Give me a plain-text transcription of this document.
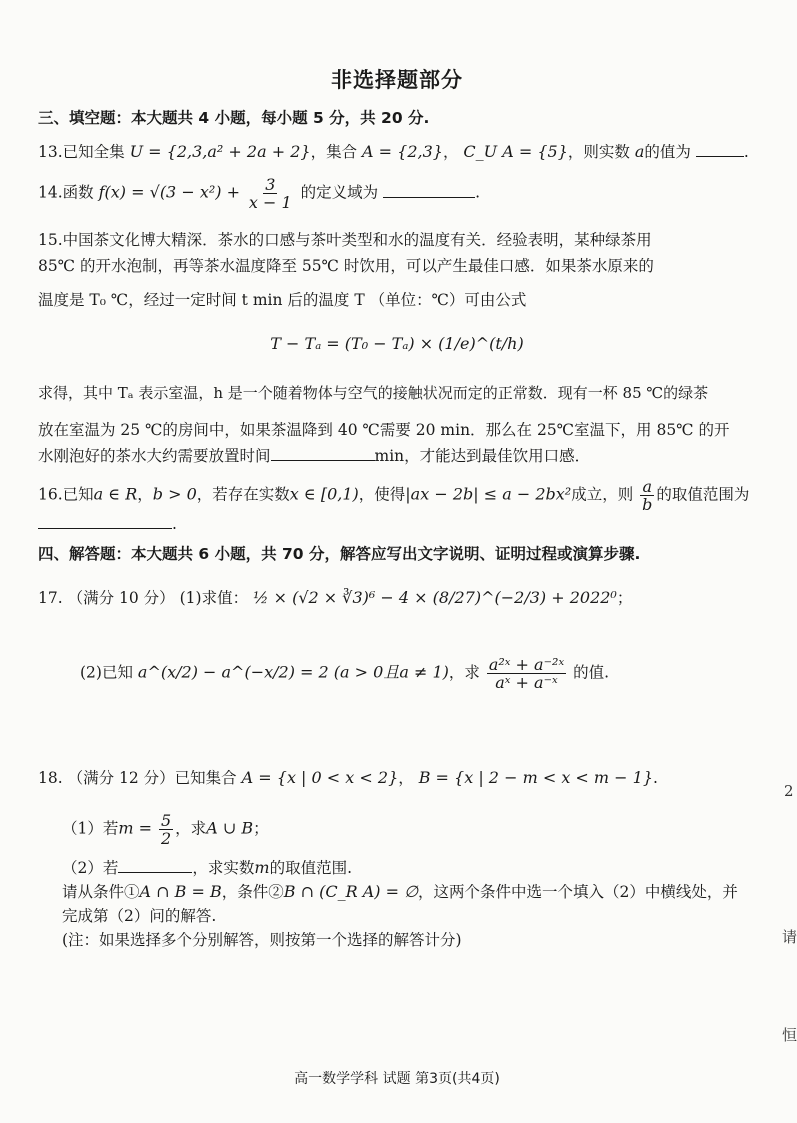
非选择题部分
三、填空题：本大题共 4 小题，每小题 5 分，共 20 分.
13.已知全集 U = {2,3,a² + 2a + 2}，集合 A = {2,3}， C_U A = {5}，则实数 a的值为	.
14.函数 $f(x) = √(3 - x^2) + \frac{3}{x - 1}$ 的定义域为	.
15.中国茶文化博大精深．茶水的口感与茶叶类型和水的温度有关．经验表明，某种绿茶用
85℃ 的开水泡制，再等茶水温度降至 55℃ 时饮用，可以产生最佳口感．如果茶水原来的
温度是 T₀ ℃，经过一定时间 t min 后的温度 T （单位：℃）可由公式
T − Tₐ = (T₀ − Tₐ) × (1/e)^(t/h)
求得，其中 Tₐ 表示室温，h 是一个随着物体与空气的接触状况而定的正常数．现有一杯 85 ℃的绿茶
放在室温为 25 ℃的房间中，如果茶温降到 40 ℃需要 20 min．那么在 25℃室温下，用 85℃ 的开
水刚泡好的茶水大约需要放置时间	min，才能达到最佳饮用口感．
16.已知a ∈ R，b > 0，若存在实数x ∈ [0,1)，使得|ax − 2b| ≤ a − 2bx²成立，则 $\frac{a}{b}$ 的取值范围为
.
四、解答题：本大题共 6 小题，共 70 分，解答应写出文字说明、证明过程或演算步骤.
17. （满分 10 分） (1)求值： ½ × (√2 × ∛3)⁶ − 4 × (8/27)^(−2/3) + 2022⁰；
(2)已知 a^(x/2) − a^(−x/2) = 2 (a > 0且a ≠ 1)，求 $\frac{\text{a²ˣ + a⁻²ˣ}}{\text{aˣ + a⁻ˣ}}$ 的值.
18. （满分 12 分）已知集合 A = {x | 0 < x < 2}， B = {x | 2 − m < x < m − 1}.
（1）若$m = \frac{5}{2}$ ，求A ∪ B；
（2）若	，求实数m的取值范围.
请从条件①A ∩ B = B，条件②B ∩ (C_R A) = ∅，这两个条件中选一个填入（2）中横线处，并
完成第（2）问的解答.
(注：如果选择多个分别解答，则按第一个选择的解答计分)
2
请
恒
高一数学学科 试题 第3页(共4页)
